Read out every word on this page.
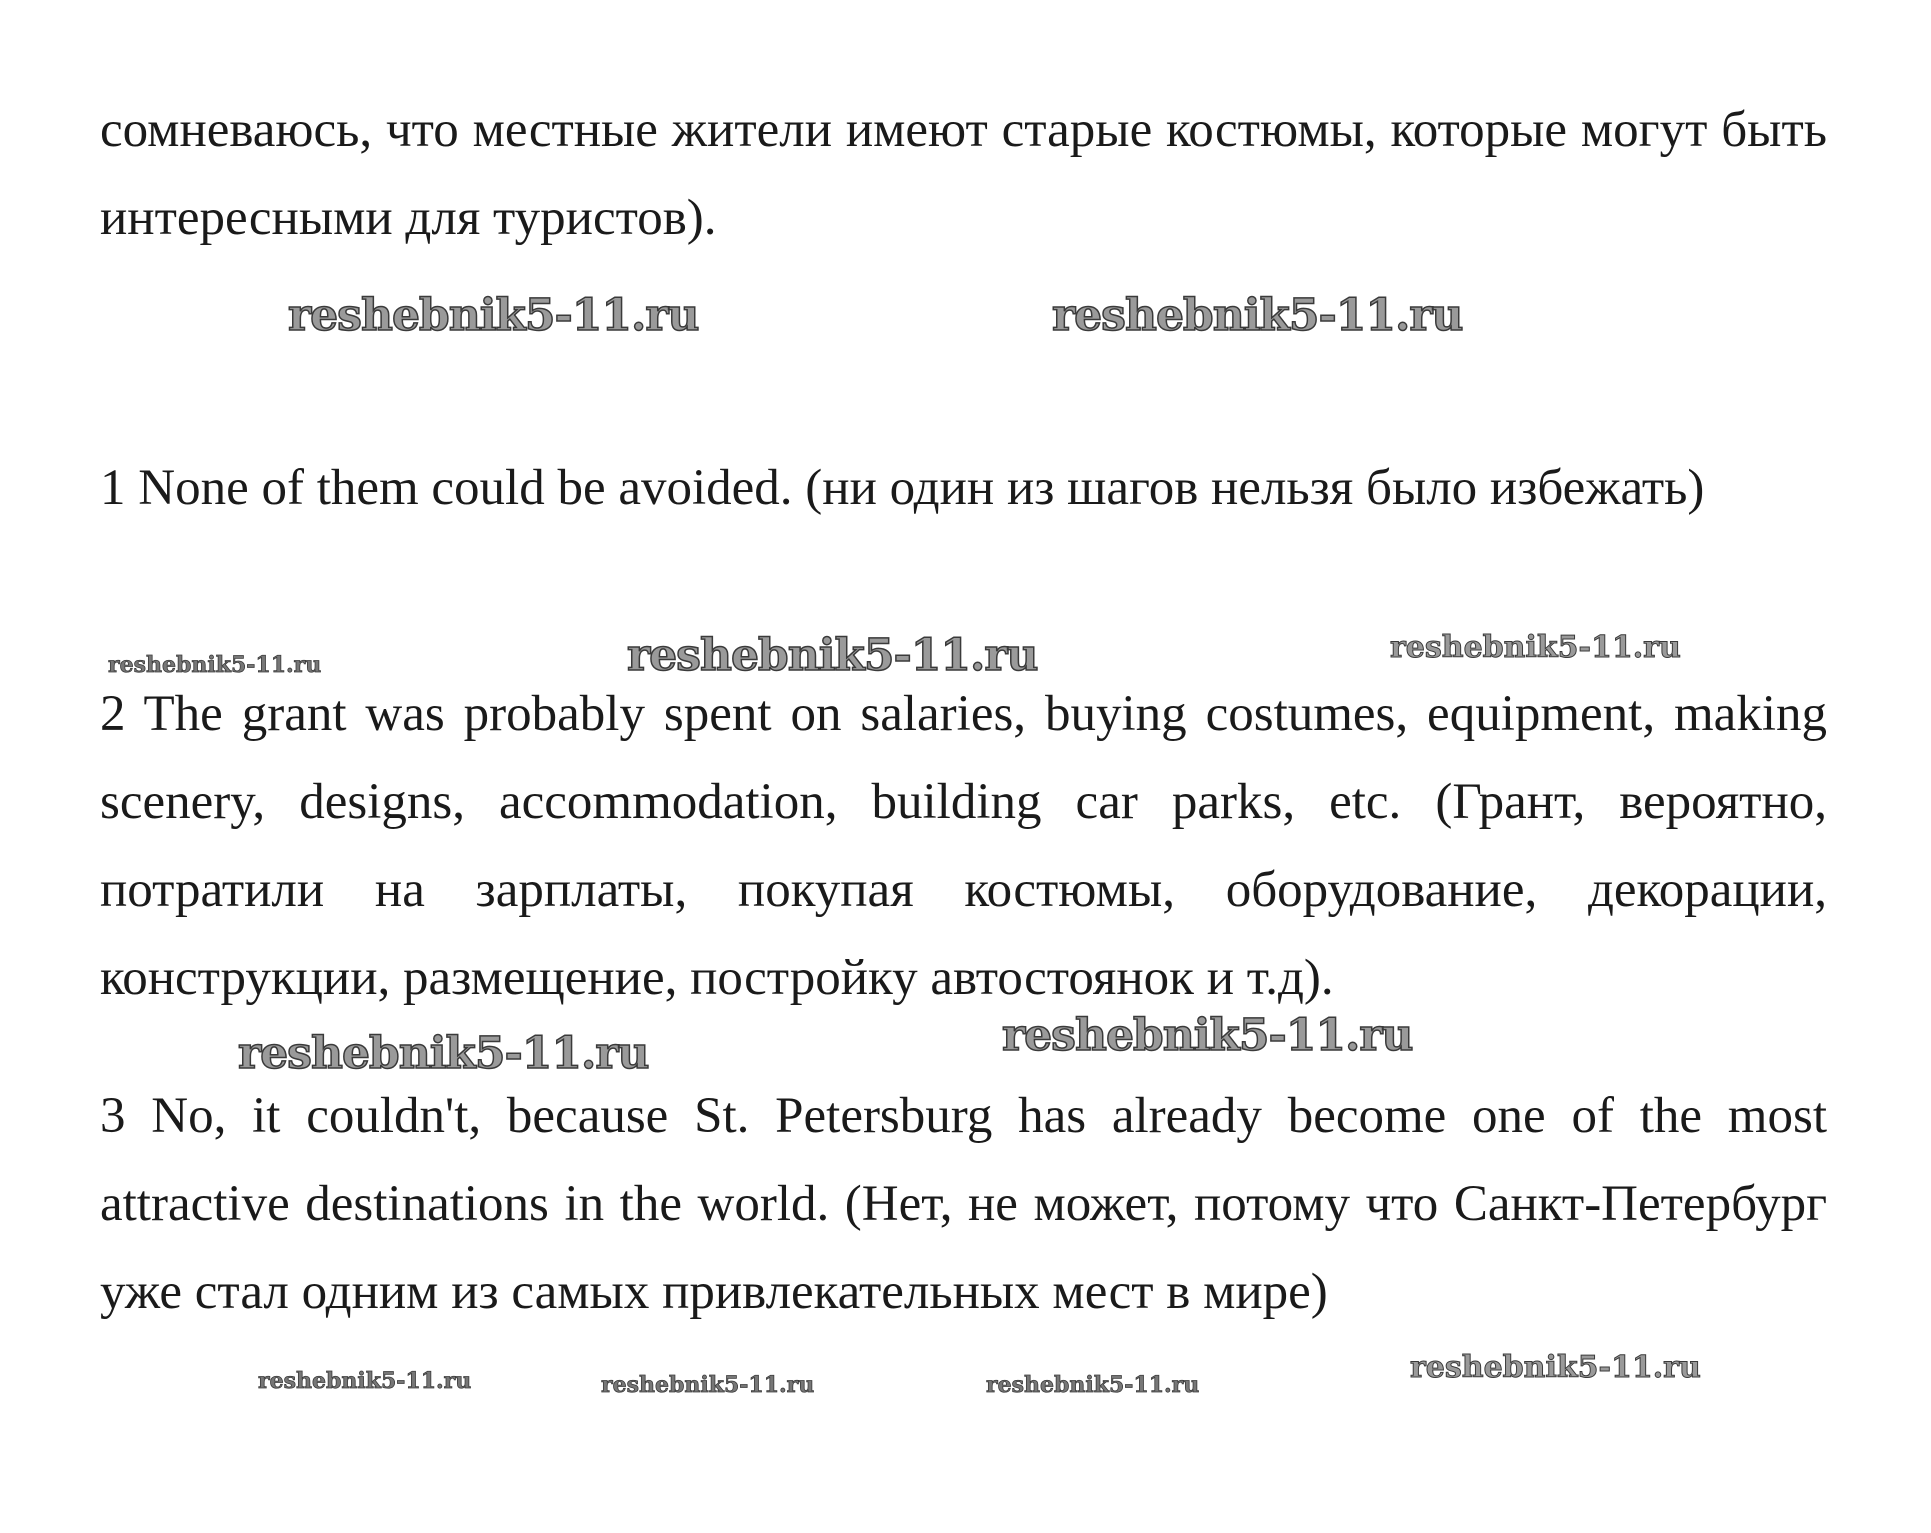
сомневаюсь, что местные жители имеют старые костюмы, которые могут быть интересными для туристов).

1 None of them could be avoided. (ни один из шагов нельзя было избежать)

2 The grant was probably spent on salaries, buying costumes, equipment, making scenery, designs, accommodation, building car parks, etc. (Грант, вероятно, потратили на зарплаты, покупая костюмы, оборудование, декорации, конструкции, размещение, постройку автостоянок и т.д).

3 No, it couldn't, because St. Petersburg has already become one of the most attractive destinations in the world. (Нет, не может, потому что Санкт-Петербург уже стал одним из самых привлекательных мест в мире)

reshebnik5-11.ru	reshebnik5-11.ru
reshebnik5-11.ru	reshebnik5-11.ru	reshebnik5-11.ru
reshebnik5-11.ru	reshebnik5-11.ru
reshebnik5-11.ru	reshebnik5-11.ru	reshebnik5-11.ru	reshebnik5-11.ru
